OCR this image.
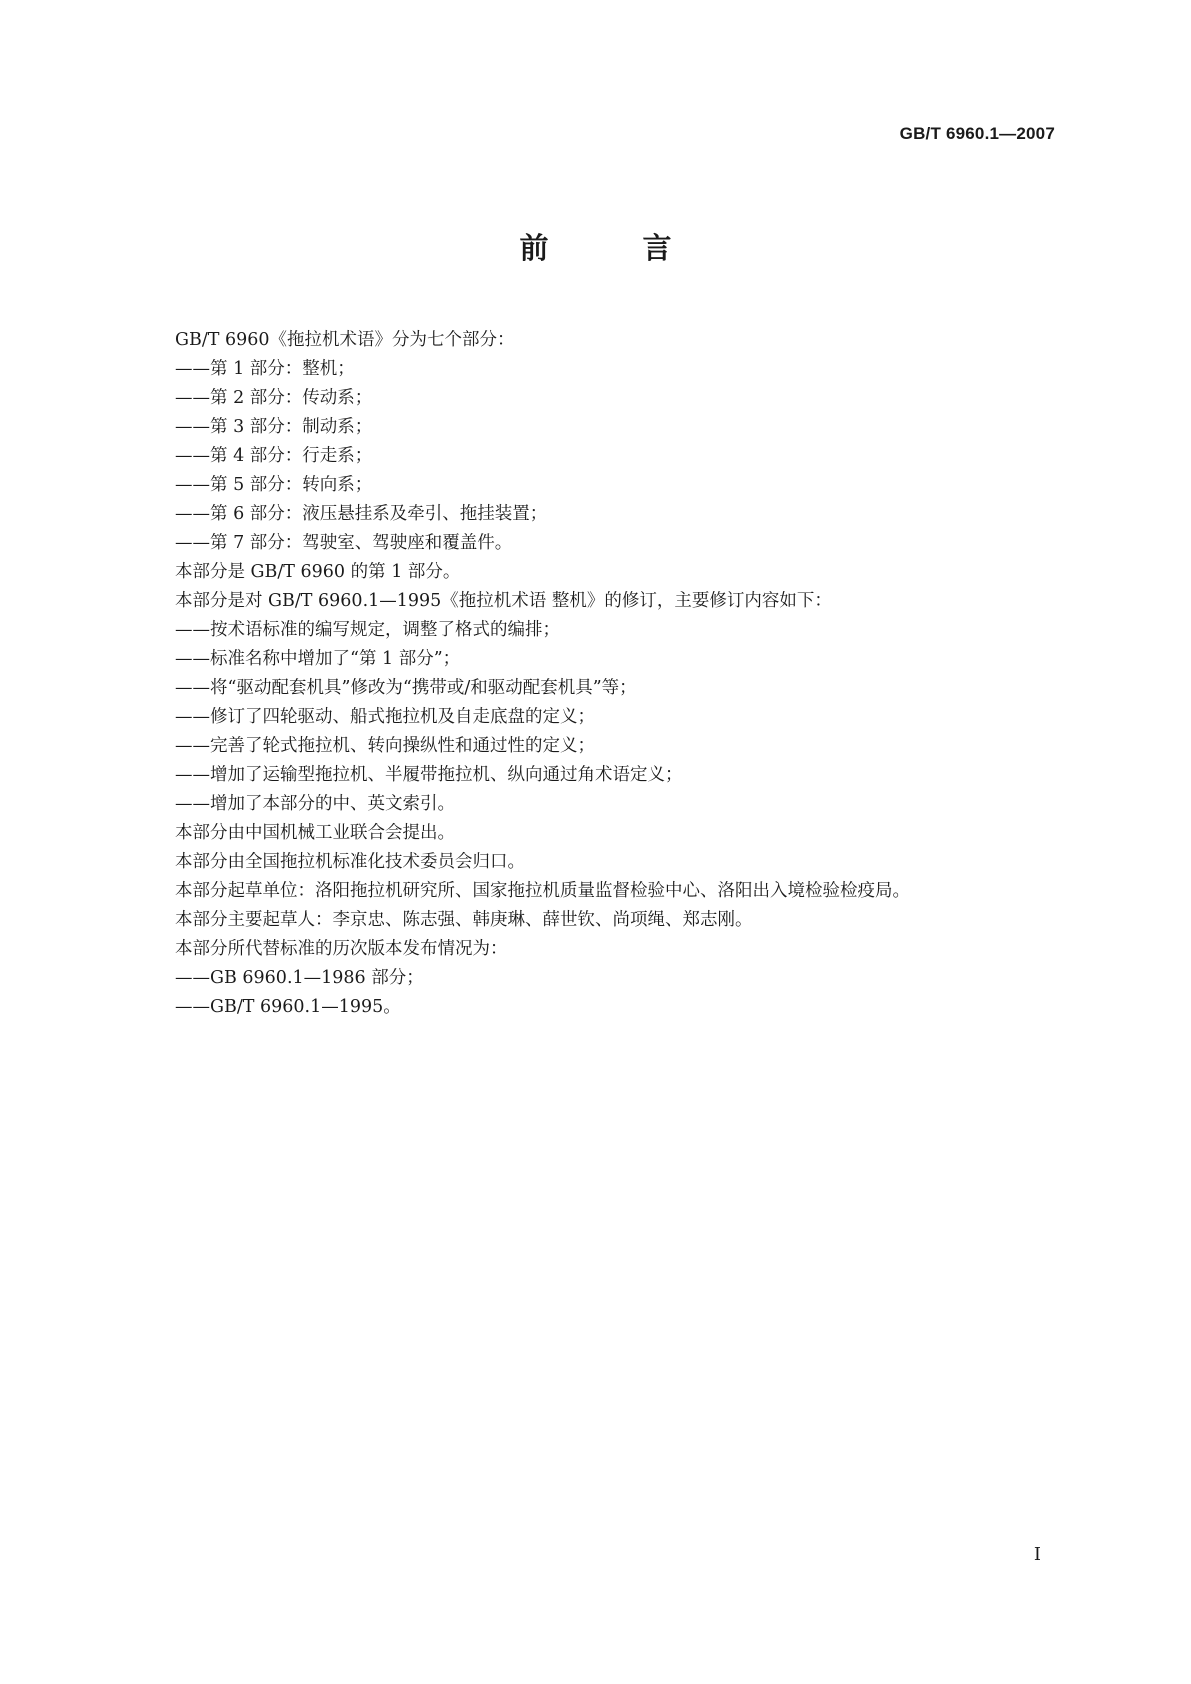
GB/T 6960.1—2007
前 言
GB/T 6960《拖拉机术语》分为七个部分：
——第 1 部分：整机；
——第 2 部分：传动系；
——第 3 部分：制动系；
——第 4 部分：行走系；
——第 5 部分：转向系；
——第 6 部分：液压悬挂系及牵引、拖挂装置；
——第 7 部分：驾驶室、驾驶座和覆盖件。
本部分是 GB/T 6960 的第 1 部分。
本部分是对 GB/T 6960.1—1995《拖拉机术语 整机》的修订，主要修订内容如下：
——按术语标准的编写规定，调整了格式的编排；
——标准名称中增加了“第 1 部分”；
——将“驱动配套机具”修改为“携带或/和驱动配套机具”等；
——修订了四轮驱动、船式拖拉机及自走底盘的定义；
——完善了轮式拖拉机、转向操纵性和通过性的定义；
——增加了运输型拖拉机、半履带拖拉机、纵向通过角术语定义；
——增加了本部分的中、英文索引。
本部分由中国机械工业联合会提出。
本部分由全国拖拉机标准化技术委员会归口。
本部分起草单位：洛阳拖拉机研究所、国家拖拉机质量监督检验中心、洛阳出入境检验检疫局。
本部分主要起草人：李京忠、陈志强、韩庚琳、薛世钦、尚项绳、郑志刚。
本部分所代替标准的历次版本发布情况为：
——GB 6960.1—1986 部分；
——GB/T 6960.1—1995。
I
